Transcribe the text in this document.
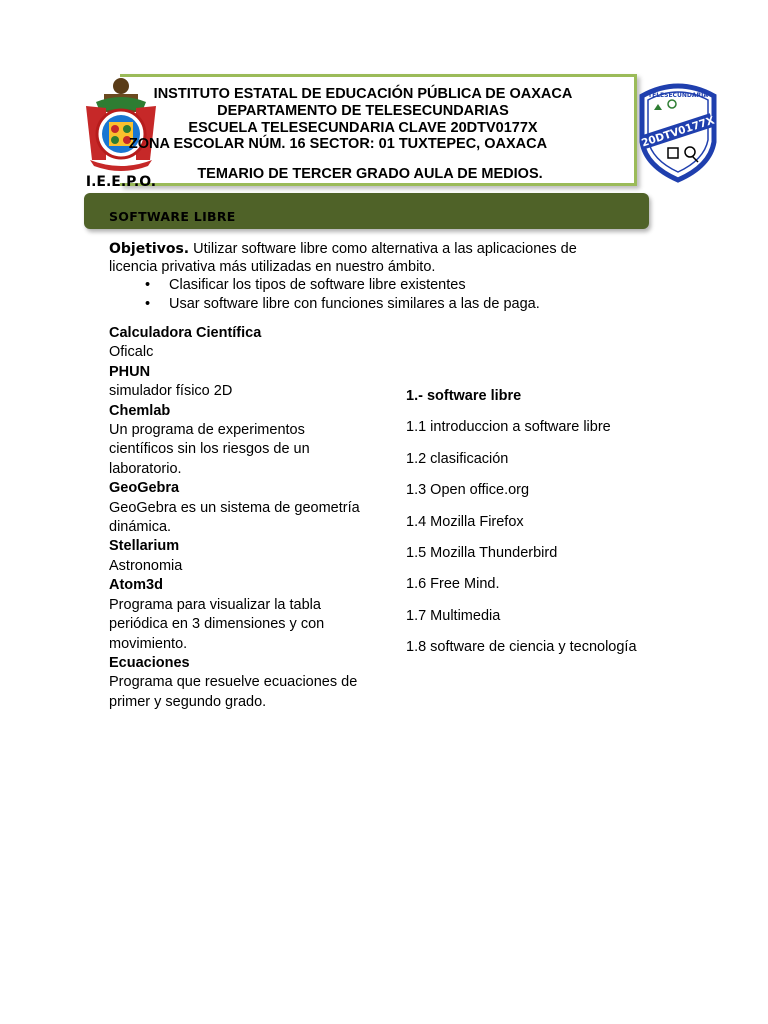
I.E.E.P.O.
TELESECUNDARIA
20DTV0177X
INSTITUTO ESTATAL DE EDUCACIÓN PÚBLICA DE OAXACA
DEPARTAMENTO DE TELESECUNDARIAS
ESCUELA TELESECUNDARIA CLAVE 20DTV0177X
ZONA ESCOLAR NÚM. 16 SECTOR: 01 TUXTEPEC, OAXACA
TEMARIO DE TERCER GRADO AULA DE MEDIOS.
SOFTWARE LIBRE
Objetivos. Utilizar software libre como alternativa a las aplicaciones de licencia privativa más utilizadas en nuestro ámbito.
• Clasificar los tipos de software libre existentes
• Usar software libre con funciones similares a las de paga.
Calculadora Científica
Oficalc
PHUN
simulador físico 2D
Chemlab
Un programa de experimentos científicos sin los riesgos de un laboratorio.
GeoGebra
GeoGebra es un sistema de geometría dinámica.
Stellarium
Astronomia
Atom3d
Programa para visualizar la tabla periódica en 3 dimensiones y con movimiento.
Ecuaciones
Programa que resuelve ecuaciones de primer y segundo grado.
1.- software libre
1.1 introduccion a software libre
1.2 clasificación
1.3 Open office.org
1.4 Mozilla Firefox
1.5 Mozilla Thunderbird
1.6 Free Mind.
1.7 Multimedia
1.8 software de ciencia y tecnología
